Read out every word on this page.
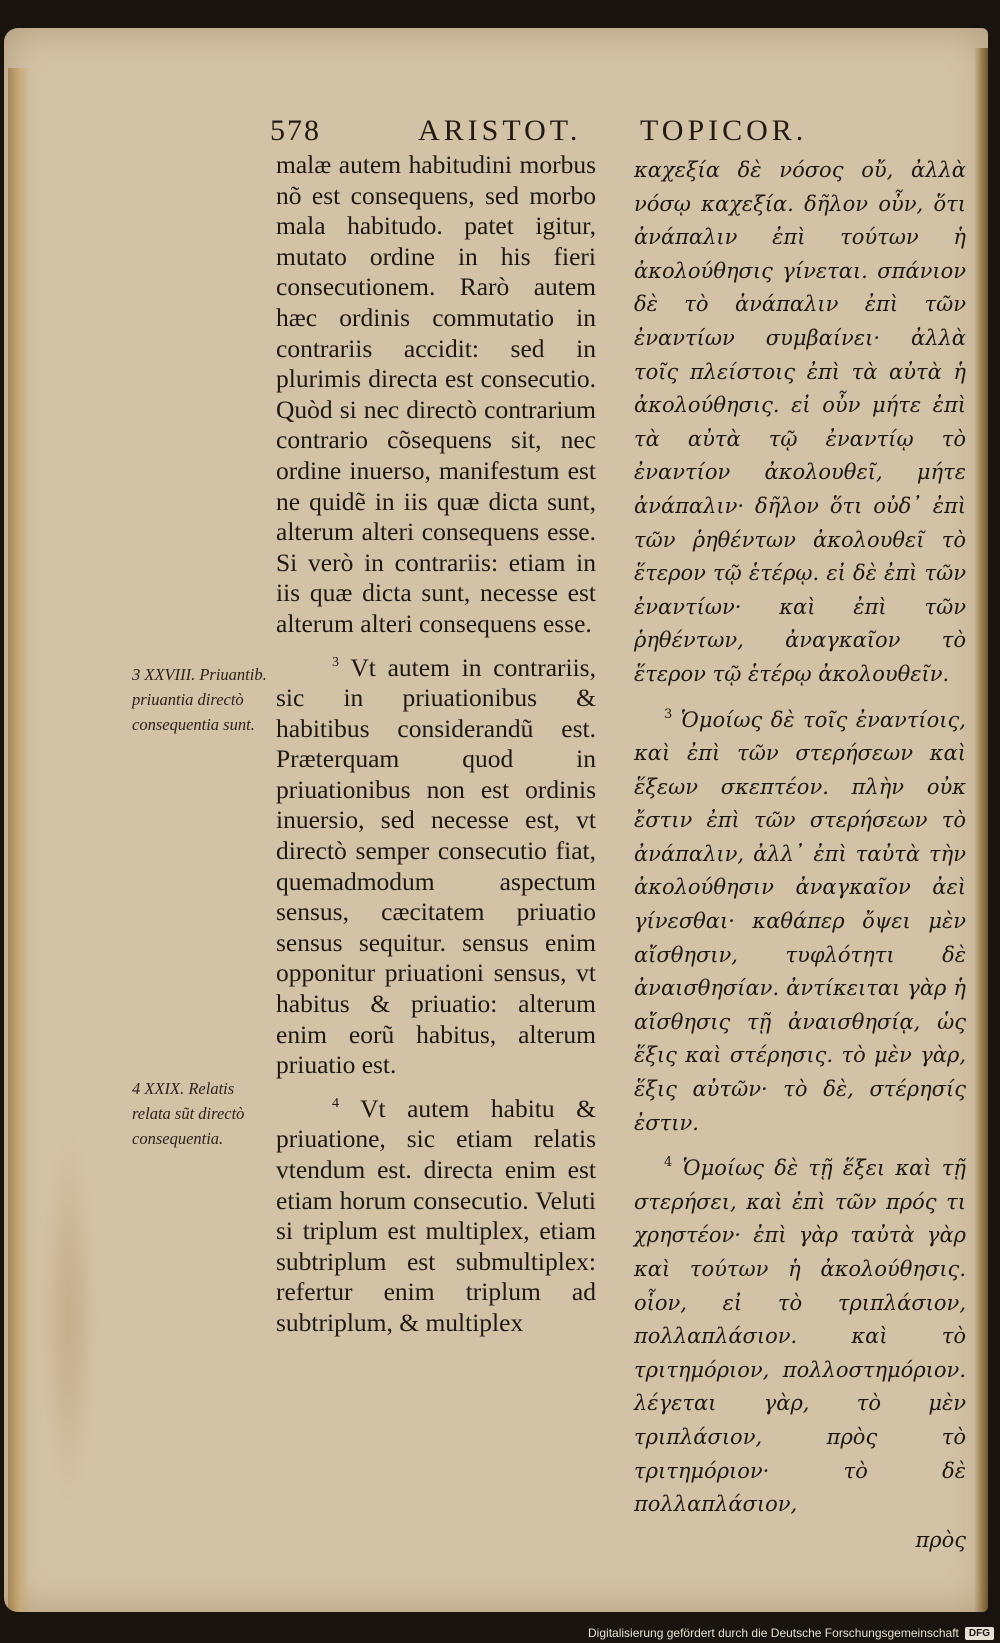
578	ARISTOT. TOPICOR.
3 XXVIII. Priuantib. priuantia directò consequentia sunt.
4 XXIX. Relatis relata sũt directò consequentia.

malæ autem habitudini morbus nõ est consequens, sed morbo mala habitudo. patet igitur, mutato ordine in his fieri consecutionem. Rarò autem hæc ordinis commutatio in contrariis accidit: sed in plurimis directa est consecutio. Quòd si nec directò contrarium contrario cõsequens sit, nec ordine inuerso, manifestum est ne quidẽ in iis quæ dicta sunt, alterum alteri consequens esse. Si verò in contrariis: etiam in iis quæ dicta sunt, necesse est alterum alteri consequens esse.

$^3$ Vt autem in contrariis, sic in priuationibus & habitibus considerandũ est. Præterquam quod in priuationibus non est ordinis inuersio, sed necesse est, vt directò semper consecutio fiat, quemadmodum aspectum sensus, cæcitatem priuatio sensus sequitur. sensus enim opponitur priuationi sensus, vt habitus & priuatio: alterum enim eorũ habitus, alterum priuatio est.

$^4$ Vt autem habitu & priuatione, sic etiam relatis vtendum est. directa enim est etiam horum consecutio. Veluti si triplum est multiplex, etiam subtriplum est submultiplex: refertur enim triplum ad subtriplum, & multiplex

καχεξία δὲ νόσος οὔ, ἀλλὰ νόσῳ καχεξία. δῆλον οὖν, ὅτι ἀνάπαλιν ἐπὶ τούτων ἡ ἀκολούθησις γίνεται. σπάνιον δὲ τὸ ἀνάπαλιν ἐπὶ τῶν ἐναντίων συμβαίνει· ἀλλὰ τοῖς πλείστοις ἐπὶ τὰ αὐτὰ ἡ ἀκολούθησις. εἰ οὖν μήτε ἐπὶ τὰ αὐτὰ τῷ ἐναντίῳ τὸ ἐναντίον ἀκολουθεῖ, μήτε ἀνάπαλιν· δῆλον ὅτι οὐδ᾽ ἐπὶ τῶν ῥηθέντων ἀκολουθεῖ τὸ ἕτερον τῷ ἑτέρῳ. εἰ δὲ ἐπὶ τῶν ἐναντίων· καὶ ἐπὶ τῶν ῥηθέντων, ἀναγκαῖον τὸ ἕτερον τῷ ἑτέρῳ ἀκολουθεῖν.

$^3$ Ὁμοίως δὲ τοῖς ἐναντίοις, καὶ ἐπὶ τῶν στερήσεων καὶ ἕξεων σκεπτέον. πλὴν οὐκ ἔστιν ἐπὶ τῶν στερήσεων τὸ ἀνάπαλιν, ἀλλ᾽ ἐπὶ ταὐτὰ τὴν ἀκολούθησιν ἀναγκαῖον ἀεὶ γίνεσθαι· καθάπερ ὄψει μὲν αἴσθησιν, τυφλότητι δὲ ἀναισθησίαν. ἀντίκειται γὰρ ἡ αἴσθησις τῇ ἀναισθησίᾳ, ὡς ἕξις καὶ στέρησις. τὸ μὲν γὰρ, ἕξις αὐτῶν· τὸ δὲ, στέρησίς ἐστιν.

$^4$ Ὁμοίως δὲ τῇ ἕξει καὶ τῇ στερήσει, καὶ ἐπὶ τῶν πρός τι χρηστέον· ἐπὶ γὰρ ταὐτὰ γὰρ καὶ τούτων ἡ ἀκολούθησις. οἷον, εἰ τὸ τριπλάσιον, πολλαπλάσιον. καὶ τὸ τριτημόριον, πολλοστημόριον. λέγεται γὰρ, τὸ μὲν τριπλάσιον, πρὸς τὸ τριτημόριον· τὸ δὲ πολλαπλάσιον,

πρὸς

Digitalisierung gefördert durch die Deutsche Forschungsgemeinschaft	DFG
